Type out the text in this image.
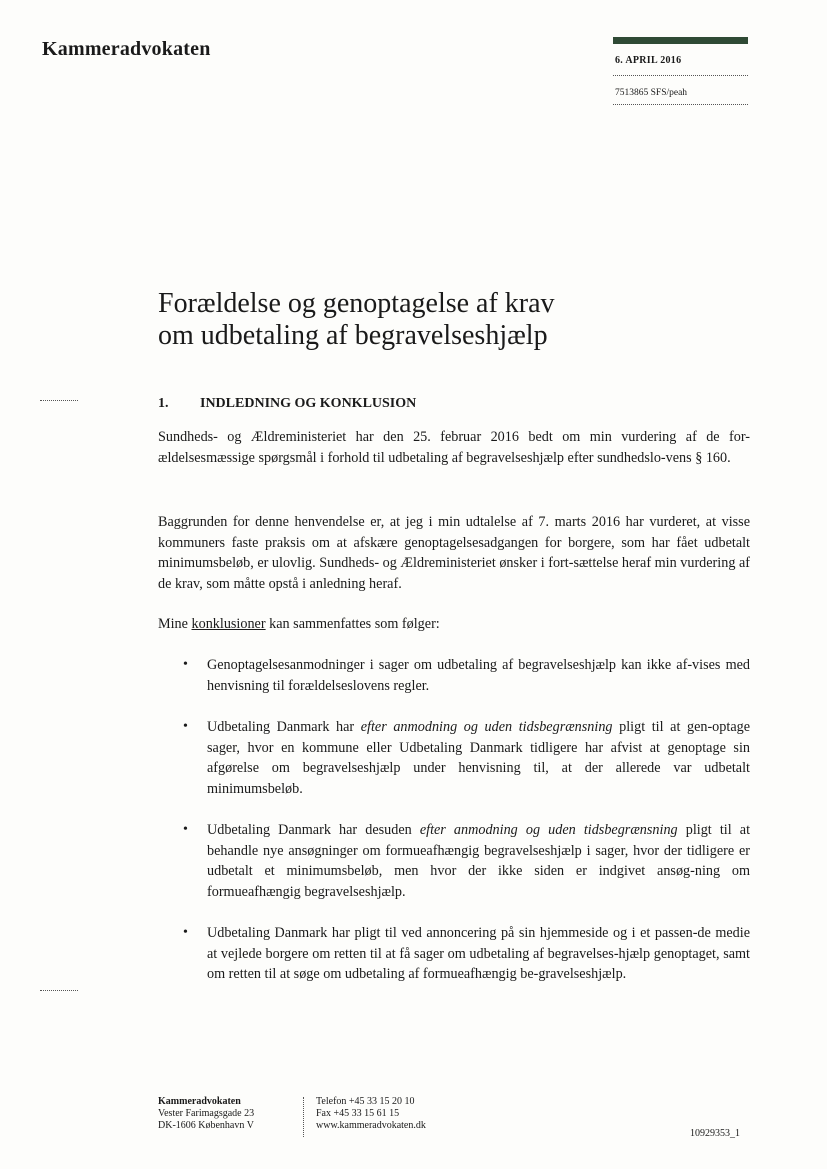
Kammeradvokaten
6. APRIL 2016
7513865 SFS/peah
Forældelse og genoptagelse af krav
om udbetaling af begravelseshjælp
1. INDLEDNING OG KONKLUSION

Sundheds- og Ældreministeriet har den 25. februar 2016 bedt om min vurdering af de for-ældelsesmæssige spørgsmål i forhold til udbetaling af begravelseshjælp efter sundhedslo-vens § 160.

Baggrunden for denne henvendelse er, at jeg i min udtalelse af 7. marts 2016 har vurderet, at visse kommuners faste praksis om at afskære genoptagelsesadgangen for borgere, som har fået udbetalt minimumsbeløb, er ulovlig. Sundheds- og Ældreministeriet ønsker i fort-sættelse heraf min vurdering af de krav, som måtte opstå i anledning heraf.

Mine konklusioner kan sammenfattes som følger:

• Genoptagelsesanmodninger i sager om udbetaling af begravelseshjælp kan ikke af-vises med henvisning til forældelseslovens regler.
• Udbetaling Danmark har efter anmodning og uden tidsbegrænsning pligt til at gen-optage sager, hvor en kommune eller Udbetaling Danmark tidligere har afvist at genoptage sin afgørelse om begravelseshjælp under henvisning til, at der allerede var udbetalt minimumsbeløb.
• Udbetaling Danmark har desuden efter anmodning og uden tidsbegrænsning pligt til at behandle nye ansøgninger om formueafhængig begravelseshjælp i sager, hvor der tidligere er udbetalt et minimumsbeløb, men hvor der ikke siden er indgivet ansøg-ning om formueafhængig begravelseshjælp.
• Udbetaling Danmark har pligt til ved annoncering på sin hjemmeside og i et passen-de medie at vejlede borgere om retten til at få sager om udbetaling af begravelses-hjælp genoptaget, samt om retten til at søge om udbetaling af formueafhængig be-gravelseshjælp.
Kammeradvokaten
Vester Farimagsgade 23
DK-1606 København V
Telefon +45 33 15 20 10
Fax +45 33 15 61 15
www.kammeradvokaten.dk
10929353_1
